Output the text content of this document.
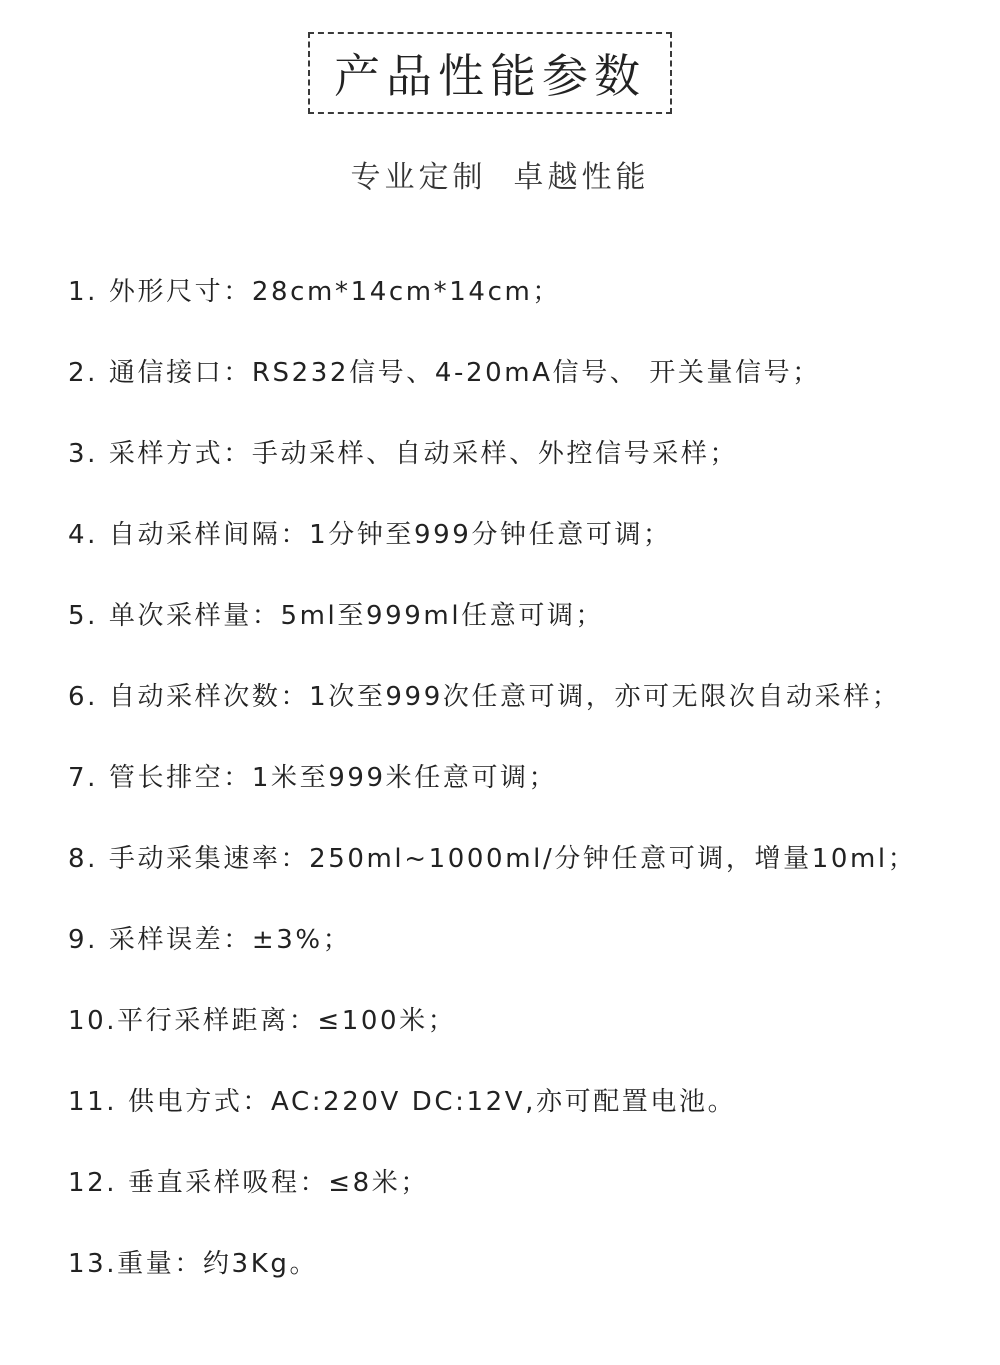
产品性能参数
专业定制  卓越性能
1. 外形尺寸：28cm*14cm*14cm；
2. 通信接口：RS232信号、4-20mA信号、 开关量信号；
3. 采样方式：手动采样、自动采样、外控信号采样；
4. 自动采样间隔：1分钟至999分钟任意可调；
5. 单次采样量：5ml至999ml任意可调；
6. 自动采样次数：1次至999次任意可调，亦可无限次自动采样；
7. 管长排空：1米至999米任意可调；
8. 手动采集速率：250ml~1000ml/分钟任意可调，增量10ml；
9. 采样误差：±3%；
10.平行采样距离：≤100米；
11. 供电方式：AC:220V DC:12V,亦可配置电池。
12. 垂直采样吸程：≤8米；
13.重量：约3Kg。
